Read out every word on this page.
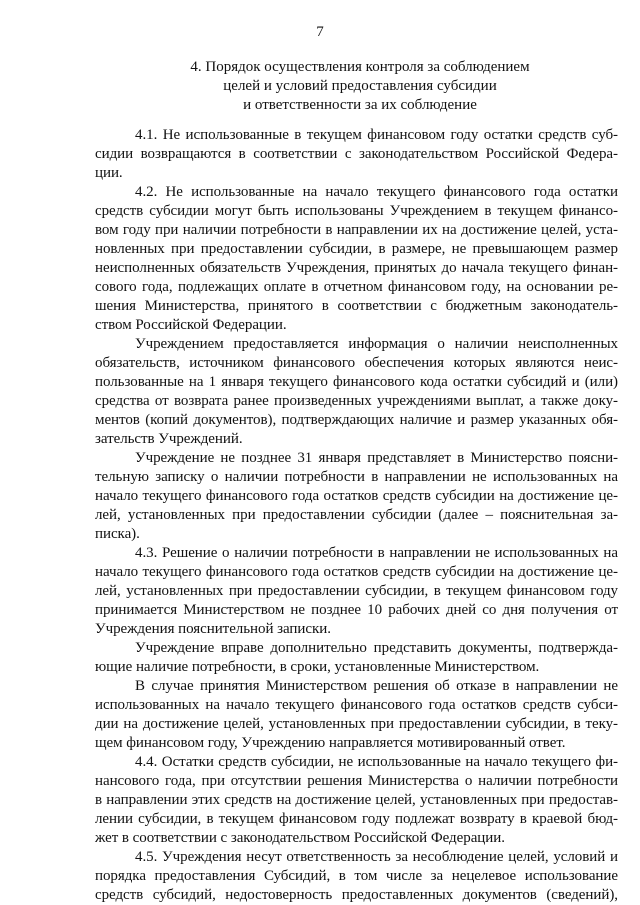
7
4. Порядок осуществления контроля за соблюдением
целей и условий предоставления субсидии
и ответственности за их соблюдение
4.1. Не использованные в текущем финансовом году остатки средств суб-
сидии возвращаются в соответствии с законодательством Российской Федера-
ции.
4.2. Не использованные на начало текущего финансового года остатки
средств субсидии могут быть использованы Учреждением в текущем финансо-
вом году при наличии потребности в направлении их на достижение целей, уста-
новленных при предоставлении субсидии, в размере, не превышающем размер
неисполненных обязательств Учреждения, принятых до начала текущего финан-
сового года, подлежащих оплате в отчетном финансовом году, на основании ре-
шения Министерства, принятого в соответствии с бюджетным законодатель-
ством Российской Федерации.
Учреждением предоставляется информация о наличии неисполненных
обязательств, источником финансового обеспечения которых являются неис-
пользованные на 1 января текущего финансового кода остатки субсидий и (или)
средства от возврата ранее произведенных учреждениями выплат, а также доку-
ментов (копий документов), подтверждающих наличие и размер указанных обя-
зательств Учреждений.
Учреждение не позднее 31 января представляет в Министерство поясни-
тельную записку о наличии потребности в направлении не использованных на
начало текущего финансового года остатков средств субсидии на достижение це-
лей, установленных при предоставлении субсидии (далее – пояснительная за-
писка).
4.3. Решение о наличии потребности в направлении не использованных на
начало текущего финансового года остатков средств субсидии на достижение це-
лей, установленных при предоставлении субсидии, в текущем финансовом году
принимается Министерством не позднее 10 рабочих дней со дня получения от
Учреждения пояснительной записки.
Учреждение вправе дополнительно представить документы, подтвержда-
ющие наличие потребности, в сроки, установленные Министерством.
В случае принятия Министерством решения об отказе в направлении не
использованных на начало текущего финансового года остатков средств субси-
дии на достижение целей, установленных при предоставлении субсидии, в теку-
щем финансовом году, Учреждению направляется мотивированный ответ.
4.4. Остатки средств субсидии, не использованные на начало текущего фи-
нансового года, при отсутствии решения Министерства о наличии потребности
в направлении этих средств на достижение целей, установленных при предостав-
лении субсидии, в текущем финансовом году подлежат возврату в краевой бюд-
жет в соответствии с законодательством Российской Федерации.
4.5. Учреждения несут ответственность за несоблюдение целей, условий и
порядка предоставления Субсидий, в том числе за нецелевое использование
средств субсидий, недостоверность предоставленных документов (сведений),
